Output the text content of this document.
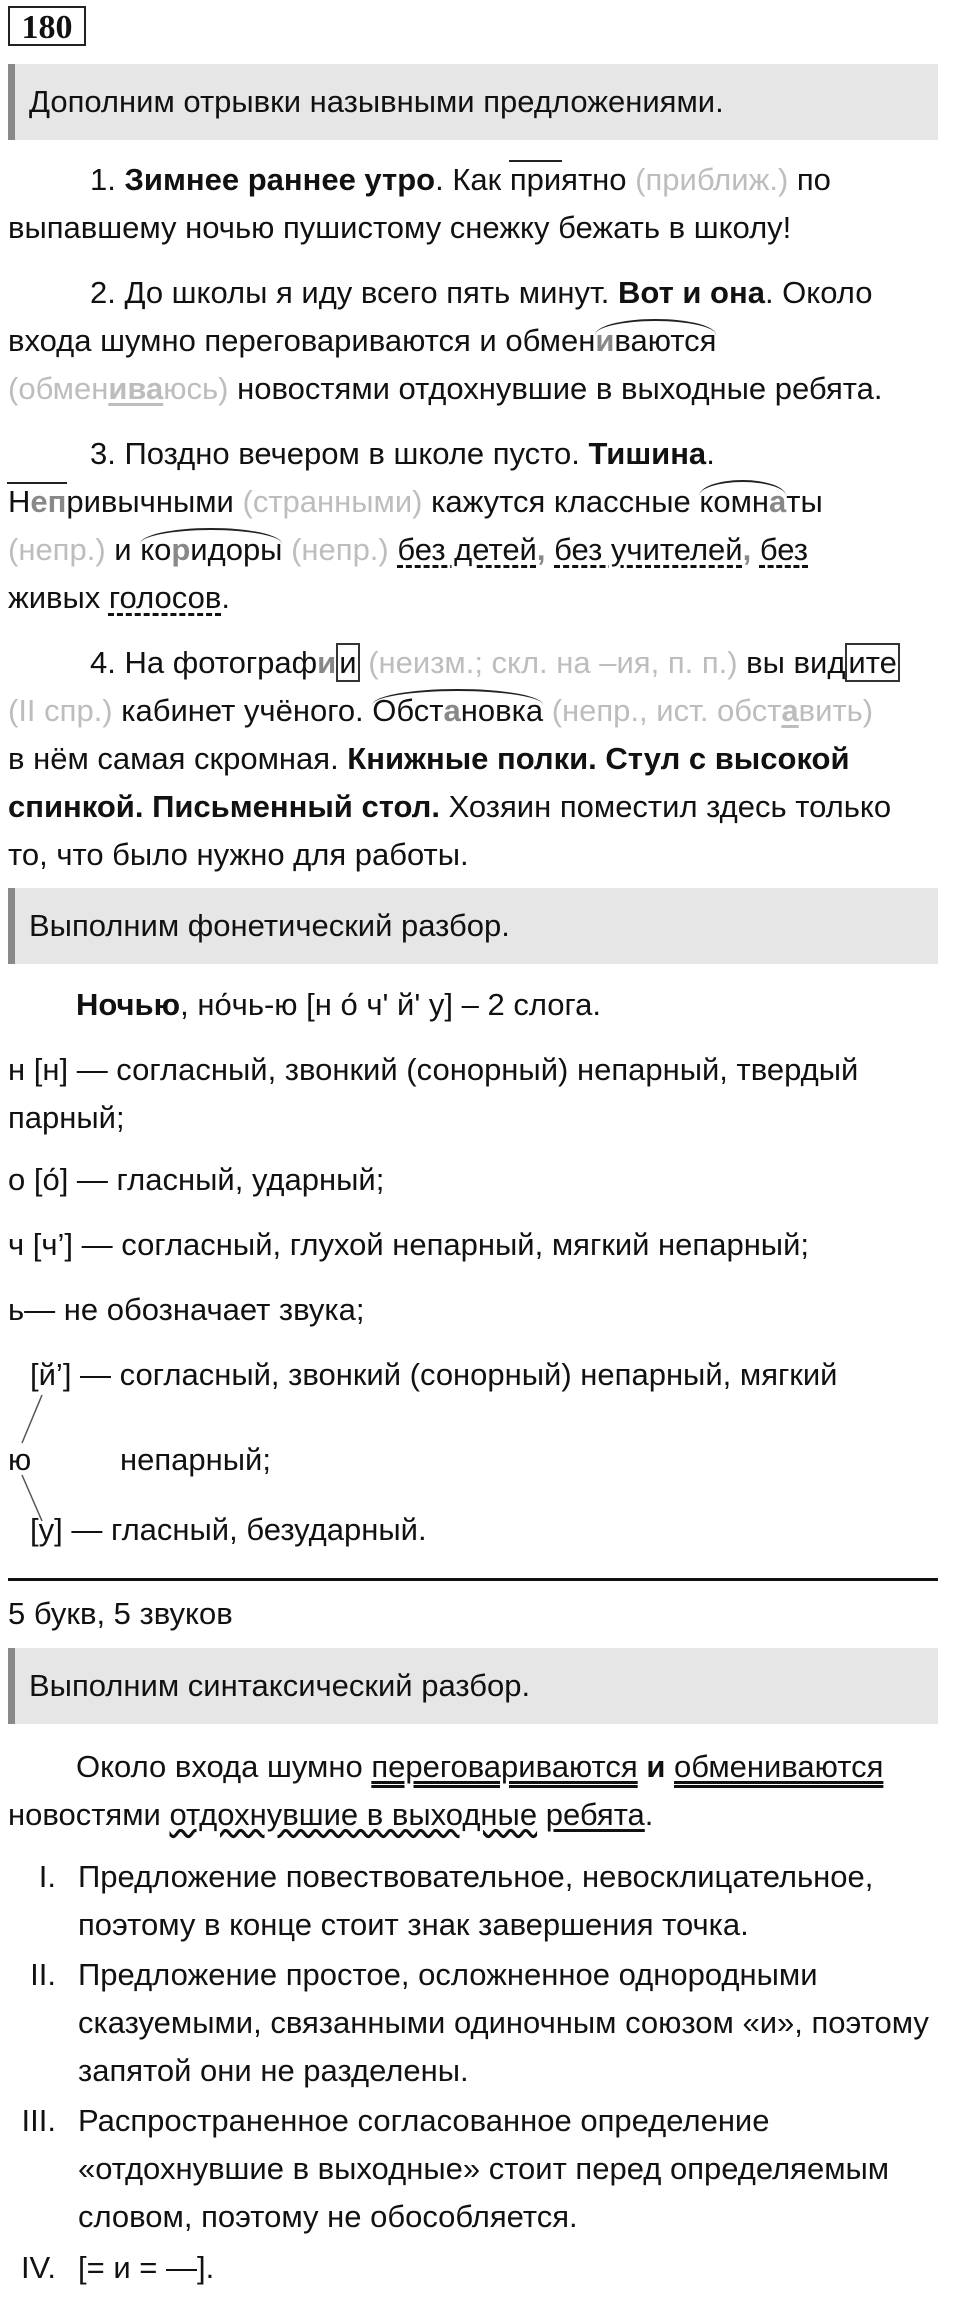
180
Дополним отрывки назывными предложениями.
1. Зимнее раннее утро. Как приятно (приближ.) по
выпавшему ночью пушистому снежку бежать в школу!
2. До школы я иду всего пять минут. Вот и она. Около
входа шумно переговариваются и обмениваются
(обмениваюсь) новостями отдохнувшие в выходные ребята.
3. Поздно вечером в школе пусто. Тишина.
Непривычными (странными) кажутся классные комнаты
(непр.) и коридоры (непр.) без детей, без учителей, без
живых голосов.
4. На фотографии (неизм.; скл. на –ия, п. п.) вы видите
(II спр.) кабинет учёного. Обстановка (непр., ист. обставить)
в нём самая скромная. Книжные полки. Стул с высокой
спинкой. Письменный стол. Хозяин поместил здесь только
то, что было нужно для работы.
Выполним фонетический разбор.
Ночью, но́чь-ю [н о́ ч' й' у] – 2 слога.
н [н] — согласный, звонкий (сонорный) непарный, твердый
парный;
о [о́] — гласный, ударный;
ч [ч’] — согласный, глухой непарный, мягкий непарный;
ь— не обозначает звука;
[й’] — согласный, звонкий (сонорный) непарный, мягкий
ю	непарный;
[у] — гласный, безударный.
5 букв, 5 звуков
Выполним синтаксический разбор.
Около входа шумно переговариваются и обмениваются
новостями отдохнувшие в выходные ребята.
I. Предложение повествовательное, невосклицательное, поэтому в конце стоит знак завершения точка.
II. Предложение простое, осложненное однородными сказуемыми, связанными одиночным союзом «и», поэтому запятой они не разделены.
III. Распространенное согласованное определение «отдохнувшие в выходные» стоит перед определяемым словом, поэтому не обособляется.
IV. [= и = —].
